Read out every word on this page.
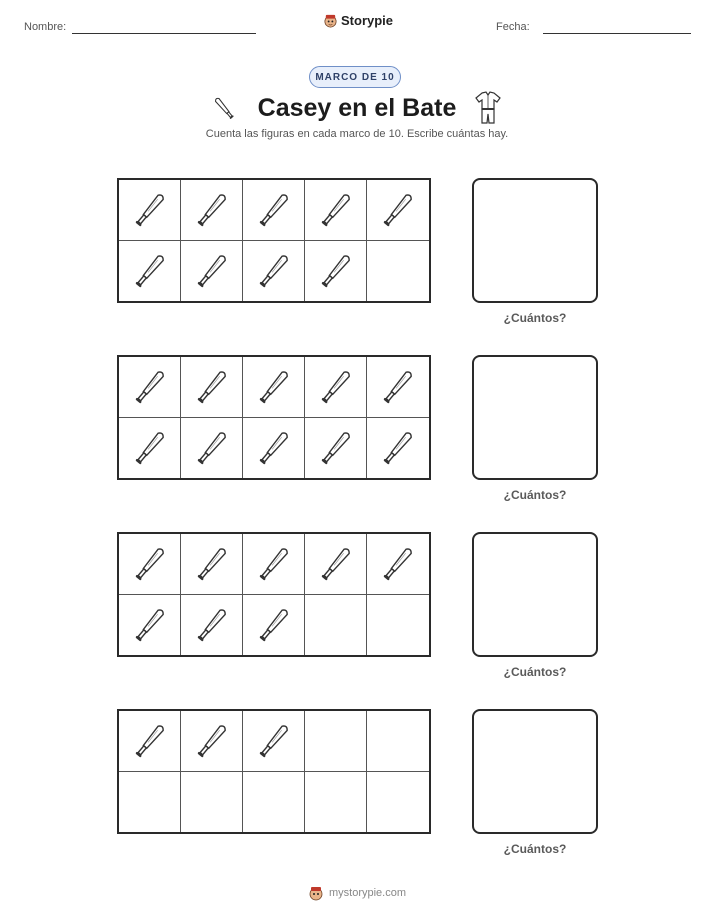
Nombre:	Storypie	Fecha:
MARCO DE 10
Casey en el Bate
Cuenta las figuras en cada marco de 10. Escribe cuántas hay.
¿Cuántos?
¿Cuántos?
¿Cuántos?
¿Cuántos?
mystorypie.com
